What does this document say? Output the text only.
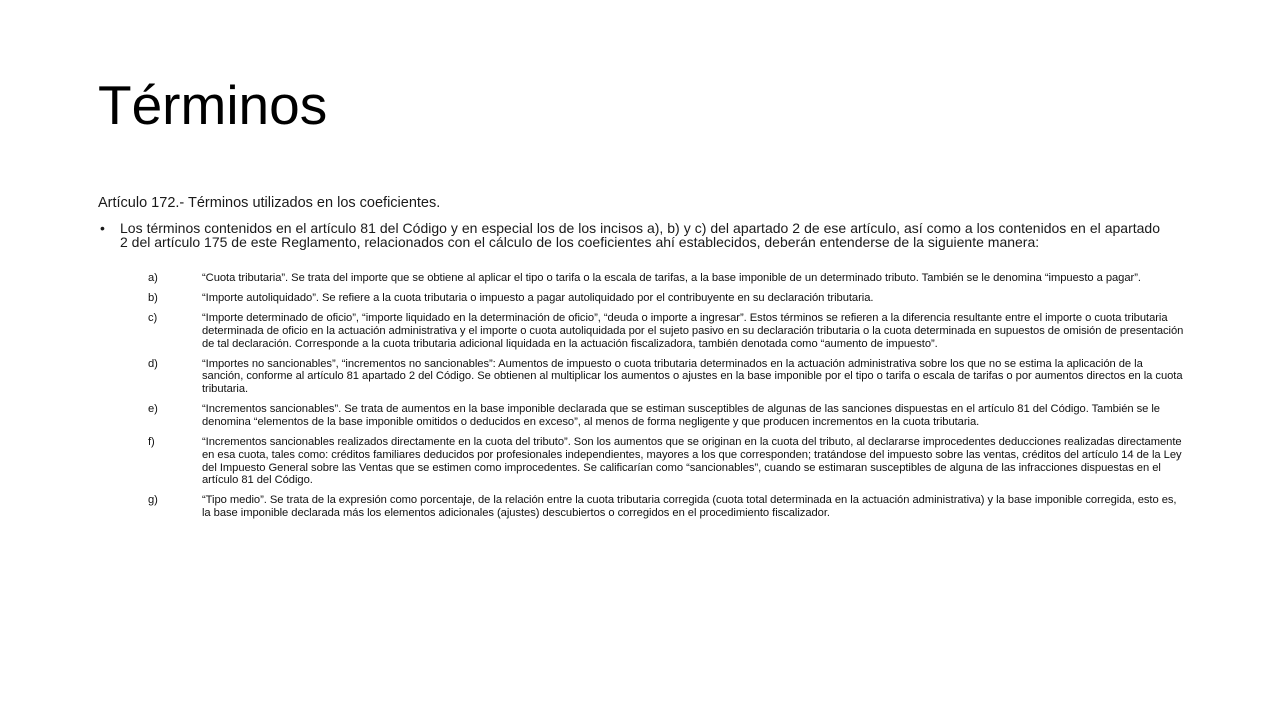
Términos
Artículo 172.- Términos utilizados en los coeficientes.
• Los términos contenidos en el artículo 81 del Código y en especial los de los incisos a), b) y c) del apartado 2 de ese artículo, así como a los contenidos en el apartado 2 del artículo 175 de este Reglamento, relacionados con el cálculo de los coeficientes ahí establecidos, deberán entenderse de la siguiente manera:
a)	“Cuota tributaria”. Se trata del importe que se obtiene al aplicar el tipo o tarifa o la escala de tarifas, a la base imponible de un determinado tributo. También se le denomina “impuesto a pagar”.
b)	“Importe autoliquidado”. Se refiere a la cuota tributaria o impuesto a pagar autoliquidado por el contribuyente en su declaración tributaria.
c)	“Importe determinado de oficio”, “importe liquidado en la determinación de oficio”, “deuda o importe a ingresar”. Estos términos se refieren a la diferencia resultante entre el importe o cuota tributaria determinada de oficio en la actuación administrativa y el importe o cuota autoliquidada por el sujeto pasivo en su declaración tributaria o la cuota determinada en supuestos de omisión de presentación de tal declaración. Corresponde a la cuota tributaria adicional liquidada en la actuación fiscalizadora, también denotada como “aumento de impuesto”.
d)	“Importes no sancionables”, “incrementos no sancionables”: Aumentos de impuesto o cuota tributaria determinados en la actuación administrativa sobre los que no se estima la aplicación de la sanción, conforme al artículo 81 apartado 2 del Código. Se obtienen al multiplicar los aumentos o ajustes en la base imponible por el tipo o tarifa o escala de tarifas o por aumentos directos en la cuota tributaria.
e)	“Incrementos sancionables”. Se trata de aumentos en la base imponible declarada que se estiman susceptibles de algunas de las sanciones dispuestas en el artículo 81 del Código. También se le denomina “elementos de la base imponible omitidos o deducidos en exceso”, al menos de forma negligente y que producen incrementos en la cuota tributaria.
f)	“Incrementos sancionables realizados directamente en la cuota del tributo”. Son los aumentos que se originan en la cuota del tributo, al declararse improcedentes deducciones realizadas directamente en esa cuota, tales como: créditos familiares deducidos por profesionales independientes, mayores a los que corresponden; tratándose del impuesto sobre las ventas, créditos del artículo 14 de la Ley del Impuesto General sobre las Ventas que se estimen como improcedentes. Se calificarían como “sancionables”, cuando se estimaran susceptibles de alguna de las infracciones dispuestas en el artículo 81 del Código.
g)	“Tipo medio”. Se trata de la expresión como porcentaje, de la relación entre la cuota tributaria corregida (cuota total determinada en la actuación administrativa) y la base imponible corregida, esto es, la base imponible declarada más los elementos adicionales (ajustes) descubiertos o corregidos en el procedimiento fiscalizador.
